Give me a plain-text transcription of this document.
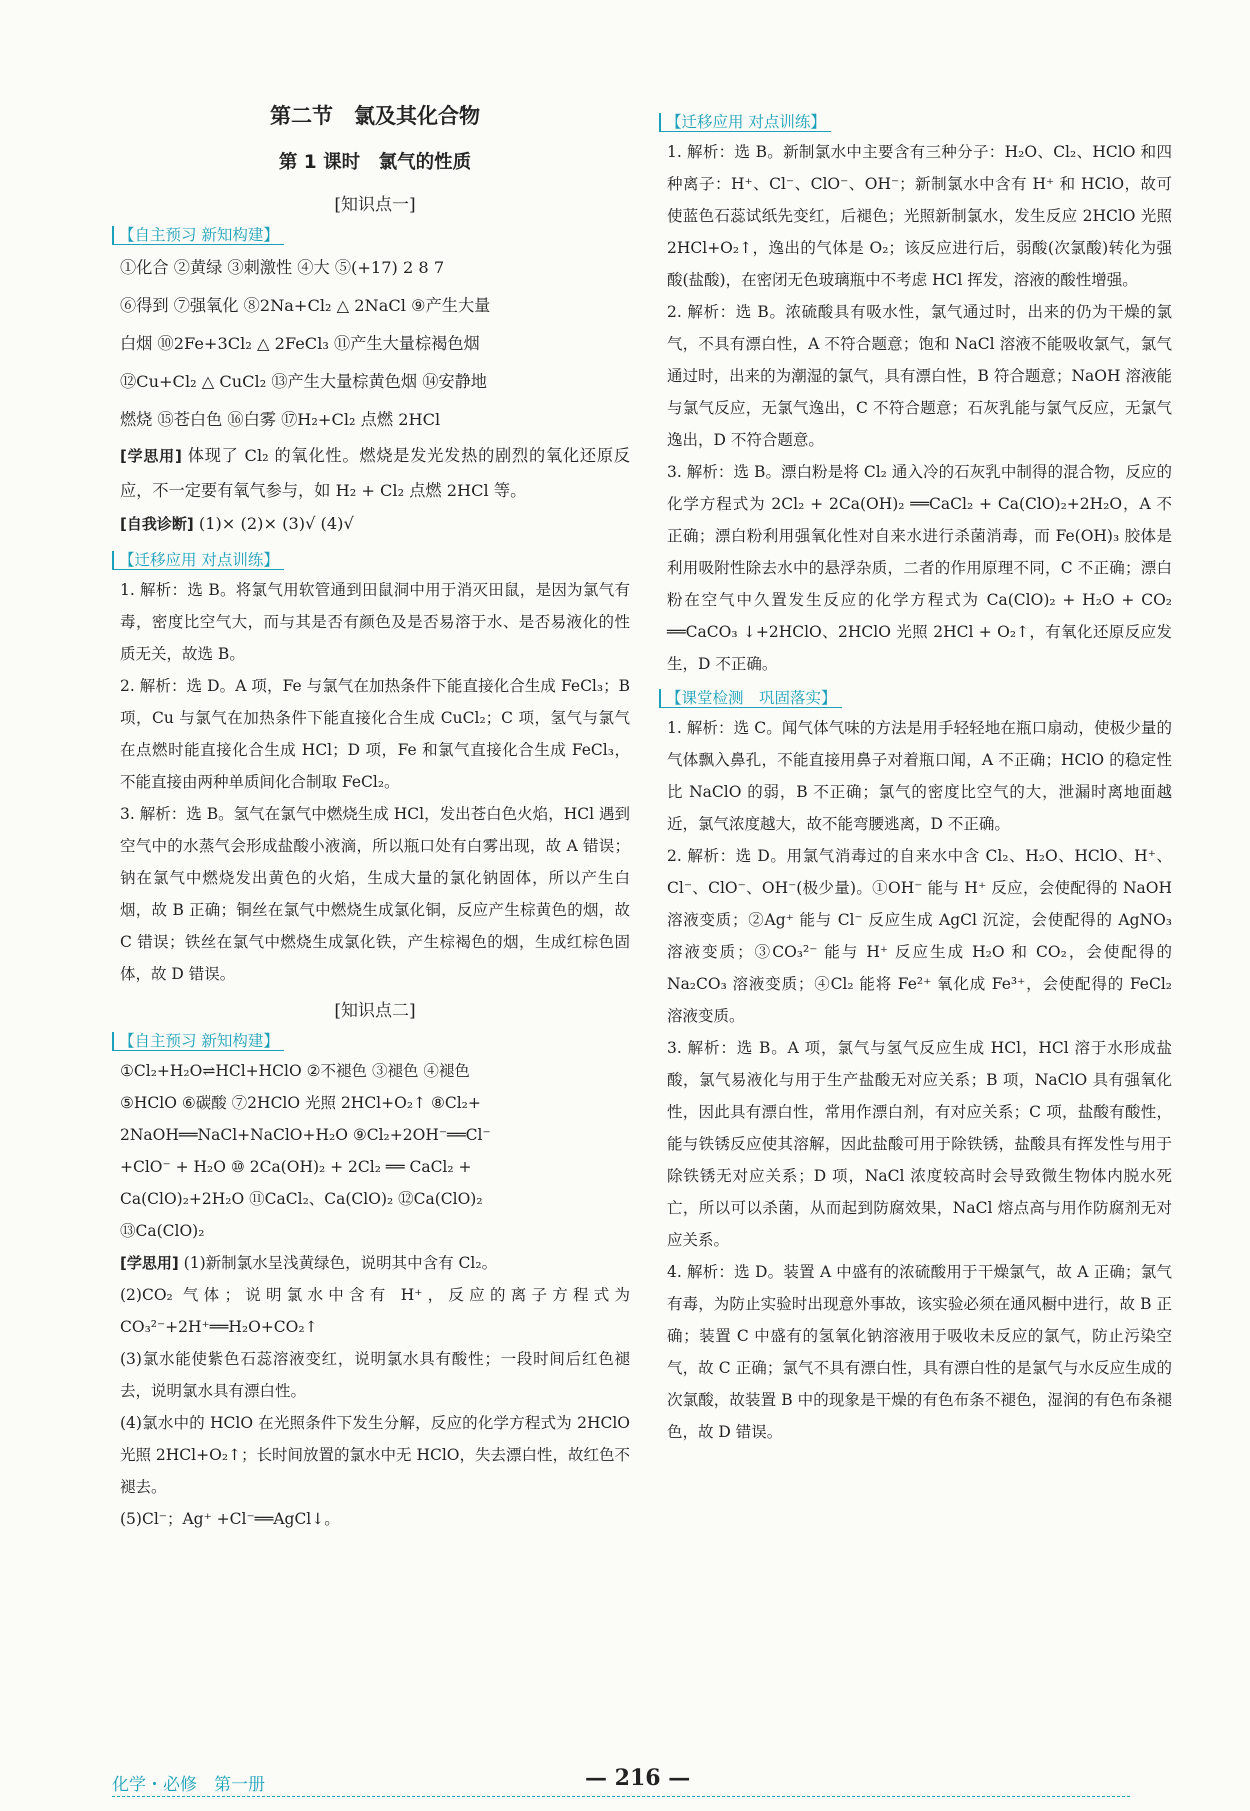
第二节　氯及其化合物
第 1 课时　氯气的性质
[知识点一]
【自主预习 新知构建】

①化合 ②黄绿 ③刺激性 ④大 ⑤(+17) 2 8 7

⑥得到 ⑦强氧化 ⑧2Na+Cl₂ △ 2NaCl ⑨产生大量

白烟 ⑩2Fe+3Cl₂ △ 2FeCl₃ ⑪产生大量棕褐色烟

⑫Cu+Cl₂ △ CuCl₂ ⑬产生大量棕黄色烟 ⑭安静地

燃烧 ⑮苍白色 ⑯白雾 ⑰H₂+Cl₂ 点燃 2HCl

[学思用] 体现了 Cl₂ 的氧化性。燃烧是发光发热的剧烈的氧化还原反应，不一定要有氧气参与，如 H₂ + Cl₂ 点燃 2HCl 等。

[自我诊断] (1)× (2)× (3)√ (4)√

【迁移应用 对点训练】

1. 解析：选 B。将氯气用软管通到田鼠洞中用于消灭田鼠，是因为氯气有毒，密度比空气大，而与其是否有颜色及是否易溶于水、是否易液化的性质无关，故选 B。

2. 解析：选 D。A 项，Fe 与氯气在加热条件下能直接化合生成 FeCl₃；B 项，Cu 与氯气在加热条件下能直接化合生成 CuCl₂；C 项，氢气与氯气在点燃时能直接化合生成 HCl；D 项，Fe 和氯气直接化合生成 FeCl₃，不能直接由两种单质间化合制取 FeCl₂。

3. 解析：选 B。氢气在氯气中燃烧生成 HCl，发出苍白色火焰，HCl 遇到空气中的水蒸气会形成盐酸小液滴，所以瓶口处有白雾出现，故 A 错误；钠在氯气中燃烧发出黄色的火焰，生成大量的氯化钠固体，所以产生白烟，故 B 正确；铜丝在氯气中燃烧生成氯化铜，反应产生棕黄色的烟，故 C 错误；铁丝在氯气中燃烧生成氯化铁，产生棕褐色的烟，生成红棕色固体，故 D 错误。

[知识点二]
【自主预习 新知构建】

①Cl₂+H₂O⇌HCl+HClO ②不褪色 ③褪色 ④褪色

⑤HClO ⑥碳酸 ⑦2HClO 光照 2HCl+O₂↑ ⑧Cl₂+

2NaOH══NaCl+NaClO+H₂O ⑨Cl₂+2OH⁻══Cl⁻

+ClO⁻ + H₂O ⑩ 2Ca(OH)₂ + 2Cl₂ ══ CaCl₂ +

Ca(ClO)₂+2H₂O ⑪CaCl₂、Ca(ClO)₂ ⑫Ca(ClO)₂

⑬Ca(ClO)₂

[学思用] (1)新制氯水呈浅黄绿色，说明其中含有 Cl₂。

(2)CO₂ 气体；说明氯水中含有 H⁺，反应的离子方程式为 CO₃²⁻+2H⁺══H₂O+CO₂↑

(3)氯水能使紫色石蕊溶液变红，说明氯水具有酸性；一段时间后红色褪去，说明氯水具有漂白性。

(4)氯水中的 HClO 在光照条件下发生分解，反应的化学方程式为 2HClO 光照 2HCl+O₂↑；长时间放置的氯水中无 HClO，失去漂白性，故红色不褪去。

(5)Cl⁻；Ag⁺ +Cl⁻══AgCl↓。

【迁移应用 对点训练】

1. 解析：选 B。新制氯水中主要含有三种分子：H₂O、Cl₂、HClO 和四种离子：H⁺、Cl⁻、ClO⁻、OH⁻；新制氯水中含有 H⁺ 和 HClO，故可使蓝色石蕊试纸先变红，后褪色；光照新制氯水，发生反应 2HClO 光照 2HCl+O₂↑，逸出的气体是 O₂；该反应进行后，弱酸(次氯酸)转化为强酸(盐酸)，在密闭无色玻璃瓶中不考虑 HCl 挥发，溶液的酸性增强。

2. 解析：选 B。浓硫酸具有吸水性，氯气通过时，出来的仍为干燥的氯气，不具有漂白性，A 不符合题意；饱和 NaCl 溶液不能吸收氯气，氯气通过时，出来的为潮湿的氯气，具有漂白性，B 符合题意；NaOH 溶液能与氯气反应，无氯气逸出，C 不符合题意；石灰乳能与氯气反应，无氯气逸出，D 不符合题意。

3. 解析：选 B。漂白粉是将 Cl₂ 通入冷的石灰乳中制得的混合物，反应的化学方程式为 2Cl₂ + 2Ca(OH)₂ ══CaCl₂ + Ca(ClO)₂+2H₂O，A 不正确；漂白粉利用强氧化性对自来水进行杀菌消毒，而 Fe(OH)₃ 胶体是利用吸附性除去水中的悬浮杂质，二者的作用原理不同，C 不正确；漂白粉在空气中久置发生反应的化学方程式为 Ca(ClO)₂ + H₂O + CO₂ ══CaCO₃ ↓+2HClO、2HClO 光照 2HCl + O₂↑，有氧化还原反应发生，D 不正确。

【课堂检测　巩固落实】

1. 解析：选 C。闻气体气味的方法是用手轻轻地在瓶口扇动，使极少量的气体飘入鼻孔，不能直接用鼻子对着瓶口闻，A 不正确；HClO 的稳定性比 NaClO 的弱，B 不正确；氯气的密度比空气的大，泄漏时离地面越近，氯气浓度越大，故不能弯腰逃离，D 不正确。

2. 解析：选 D。用氯气消毒过的自来水中含 Cl₂、H₂O、HClO、H⁺、Cl⁻、ClO⁻、OH⁻(极少量)。①OH⁻ 能与 H⁺ 反应，会使配得的 NaOH 溶液变质；②Ag⁺ 能与 Cl⁻ 反应生成 AgCl 沉淀，会使配得的 AgNO₃ 溶液变质；③CO₃²⁻ 能与 H⁺ 反应生成 H₂O 和 CO₂，会使配得的 Na₂CO₃ 溶液变质；④Cl₂ 能将 Fe²⁺ 氧化成 Fe³⁺，会使配得的 FeCl₂ 溶液变质。

3. 解析：选 B。A 项，氯气与氢气反应生成 HCl，HCl 溶于水形成盐酸，氯气易液化与用于生产盐酸无对应关系；B 项，NaClO 具有强氧化性，因此具有漂白性，常用作漂白剂，有对应关系；C 项，盐酸有酸性，能与铁锈反应使其溶解，因此盐酸可用于除铁锈，盐酸具有挥发性与用于除铁锈无对应关系；D 项，NaCl 浓度较高时会导致微生物体内脱水死亡，所以可以杀菌，从而起到防腐效果，NaCl 熔点高与用作防腐剂无对应关系。

4. 解析：选 D。装置 A 中盛有的浓硫酸用于干燥氯气，故 A 正确；氯气有毒，为防止实验时出现意外事故，该实验必须在通风橱中进行，故 B 正确；装置 C 中盛有的氢氧化钠溶液用于吸收未反应的氯气，防止污染空气，故 C 正确；氯气不具有漂白性，具有漂白性的是氯气与水反应生成的次氯酸，故装置 B 中的现象是干燥的有色布条不褪色，湿润的有色布条褪色，故 D 错误。

化学・必修　第一册	— 216 —
